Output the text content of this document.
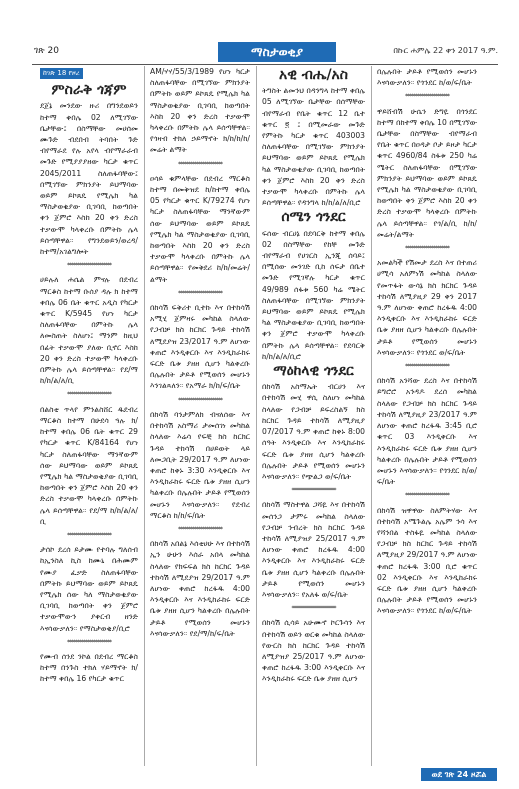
ገጽ 20	ማስታወቂያ	በኩር ሐምሌ 22 ቀን 2017 ዓ.ም.
ከገጽ 18 የዞረ
ምስራቅ ጎጃም

ደጀኔ መንደው ዙሪ በግንደወይን ከተማ ቀበሌ 02 ለሚገኘው ቤታቸው፤ በስማቸው መሀሰመ ሙጉድ ብደበብ ትባበት ጉድ ብየማራደ የሉ አየላ ብየማራራብ መጉድ የሚያያያዘው ካርታ ቁጥር 2045/2011 ስለጠፋባቸው፤ በሚገኘው ምክንያት ይህማባው ወይም ይኮጸዴ የሚሌክ ካል ማስታወቂያው ቢገባቢ ከወጣበት ቀን ጀምሮ እስከ 20 ቀን ድረስ ተቃውሞ ካላቀረቡ በምትኩ ሌላ ይሰጣቸዋል። የግንደወይን/ወረዳ/ከተማ/አገልግሎት

**********************

ሀይሉለ ሐሴል ምናሉ በደብረ ማርቆስ ከተማ ቡሰያ ዳሉ ክ ከተማ ቀበሌ 06 ቤት ቁጥር አዲስ የካርታ ቁጥር K/5945 የሆነ ካርታ ስለጠፋባቸው በምትኩ ሌላ ለመስጠት ስለሆነ፤ ማንም ከዚህ በፊት ተቃውሞ ያለው ቢኖር እስከ 20 ቀን ድረስ ተቃውሞ ካላቀረቡ በምትኩ ሌላ ይሰጣቸዋል። የደ/ማ ከ/ከ/ል/ለ/ቢ

**********************

በልስቲ ጥላየ ምንልስሸር ዱደብረ ማርቆስ ከተማ በሁደሳ ጓሉ ክ/ ከተማ ቀበሌ 06 ቤት ቁጥር 29 የካርታ ቁጥር K/84164 የሆነ ካርታ ስለጠፋባቸው ማንኛውም ሰው ይህማባው ወይም ይኮጸዴ የሚሌክ ካል ማስታወቂያው ቢገባቢ ከወጣበት ቀን ጀምሮ እስከ 20 ቀን ድረስ ተቃውሞ ካላቀረቡ በምትኩ ሌላ ይሰጣቸዋል። የደ/ማ ከ/ከ/ል/ለ/ቢ

**********************

ታሰኮ ደረሰ ይታሙ የተባሉ ግለሰብ ከኢንስለ ኪስ ከሙኒ በሕሙም የሙያ ፈቃድ ስለጠፋባቸው በምትኩ ይህማባው ወይም ይኮጸዴ የሚሌክ ሰው ካለ ማስታወቂያው ቢገባቢ ከወጣበት ቀን ጀምሮ ተቃውሞውን ያቀርብ ዘንድ እናሳውቃለን። የማስታወቂያ/ቢሮ

**********************

የሙብ ሰንደ ንኮል በደብረ ማርቆስ ከተማ በንጉስ ተክለ ሃይማኖት ክ/ ከተማ ቀበሌ 16 የካርታ ቁጥር

AM/ሃሃ/55/3/1989 የሆነ ካርታ ስለጠፋባቸው በሚገኘው ምክንያት በምትኩ ወይም ይኮጸዴ የሚሌክ ካል ማስታወቂያው ቢገባቢ ከወጣበት እስከ 20 ቀን ድረስ ተቃውሞ ካላቀረቡ በምትኩ ሌላ ይሰጣቸዋል። የጎዛብ ተክለ ኃይማኖት ክ/ከ/ከ/ከ/መሬት ልማት

**********************

ዐሳይ ቁምላቸው በደብረ ማርቆስ ከተማ በመቅዝደ ከ/ከተማ ቀበሌ 05 የካርታ ቁጥር K/79274 የሆነ ካርታ ስለጠፋባቸው ማንኛውም ሰው ይህማባው ወይም ይኮጸዴ የሚሌክ ካል ማስታወቂያው ቢገባቢ ከወጣበት እስከ 20 ቀን ድረስ ተቃውሞ ካላቀረቡ በምትኩ ሌላ ይሰጣቸዋል። የመቅደሪ ከ/ከ/መሬት/ልማት

**********************

በከሳሽ ፍቅሪተ ቢተኩ እና በተከሳሽ አሚሂ ጀምዛሩ መካከል ስላለው የጋብቻ ክስ ከርክር ጉዳይ ተከሳሽ ለሚደያዝ 23/2017 ዓ.ም ለሆነው ቀጠሮ እንዲቀርቡ እና እንዲከራከሩ ፍርድ ቤቱ ያዘዘ ሲሆን ካልቀረቡ በሌሉበት ታይቶ የሚወሰን መሆኑን እንገልጻለን። የአማራ ክ/ከ/ፍ/ቤት

**********************

በከሳሽ ባንታምለክ ብናለሰው እና በተከሳሽ አስማሪ ታመሰገነ መካከል ስላለው እሬሳ የፍቺ ክስ ከርክር ጉዳይ ተከሳሽ በሀይወት ላይ ለመጋቢት 29/2017 ዓ.ም ለሆነው ቀጠሮ ከቀኑ 3:30 እንዲቀርቡ እና እንዲከራከሩ ፍርድ ቤቱ ያዘዘ ሲሆን ካልቀረቡ በሌሉበት ታይቶ የሚወሰን መሆኑን እናሳውቃለን። የደብረ ማርቆስ ከ/ከ/ፍ/ቤት

**********************

በከሳሽ አበልኔ እሰቲሀሁ እና በተከሳሽ ኢን ሁሁን እሰራ አበላ መካከል ስላለው የክፍፍል ክስ ከርክር ጉዳይ ተከሳሽ ለሚደያዝ 29/2017 ዓ.ም ለሆነው ቀጠሮ ከረፋዱ 4:00 እንዲቀርቡ እና እንዲከራከሩ ፍርድ ቤቱ ያዘዘ ሲሆን ካልቀረቡ በሌሉበት ታይቶ የሚወሰን መሆኑን እናሳውቃለን። የደ/ማ/ከ/ፍ/ቤት

አዊ ብሔ/አስ

ትግስት ልመንህ በዳንግላ ከተማ ቀበሌ 05 ለሚገኘው ቤታቸው በሰማቸው ብየማራብ የቤት ቁጥር 12 ቤተ ቁጥር ፬ ፤ በሚመራው መጉድ የምትኩ ካርታ ቁጥር 403003 ስለጠፋባቸው በሚገኘው ምክንያት ይህማባው ወይም ይኮጸዴ የሚሌክ ካል ማስታወቂያው ቢገባቢ ከወጣበት ቀን ጀምሮ እስከ 20 ቀን ድረስ ተቃውሞ ካላቀረቡ በምትኩ ሌላ ይሰጣቸዋል። የዳንግላ ከ/ከ/ል/ለ/ቢሮ

ሰሜን ጎንደር

ፍሰው ብርሀኔ በደባርቅ ከተማ ቀበሌ 02 በስማቸው የከቸ መጉድ ብየማራብ የሀገርስ ኢንጂ ሰባይ፤ በሚሰው መንገድ ቢከ ሰፍታ በቤተ መጉድ የሚገኛሉ ካርታ ቁጥር 49/989 ሰፋቱ 560 ካሬ ሜትር ስለጠፋባቸው በሚገኘው ምክንያት ይህማባው ወይም ይኮጸዴ የሚሌክ ካል ማስታወቂያው ቢገባቢ ከወጣበት ቀን ጀምሮ ተቃውሞ ካላቀረቡ በምትኩ ሌላ ይሰጣቸዋል። የደባርቅ ከ/ከ/ል/ለ/ቢሮ

ማዕከላዊ ጎንደር

በከሳሽ አስማኤት ብርሀን እና በተከሳሽ መሂ ዋሲ ስለሆነ መካከል ስላለው የጋብቻ ይፍረስልኝ ክስ ከርክር ጉዳይ ተከሳሽ ለሚያዚያ 07/2017 ዓ.ም ቀጠሮ ከቀኑ 8:00 ሰዓት እንዲቀርቡ እና እንዲከራከሩ ፍርድ ቤቱ ያዘዘ ሲሆን ካልቀረቡ በሌሉበት ታይቶ የሚወሰን መሆኑን እናሳውቃለን። የጭልጋ ወ/ፍ/ቤት

**********************

በከሳሽ ማስተዋል ጋሻዬ እና በተከሳሽ መሰንጋ ታምሩ መካከል ስላለው የጋብቻ ንብረት ክስ ከርክር ጉዳይ ተከሳሽ ለሚያዝያ 25/2017 ዓ.ም ለሆነው ቀጠሮ ከረፋዱ 4:00 እንዲቀርቡ እና እንዲከራከሩ ፍርድ ቤቱ ያዘዘ ሲሆን ካልቀረቡ በሌሉበት ታይቶ የሚወሰን መሆኑን እናሳውቃለን። የአለፋ ወ/ፍ/ቤት

**********************

በከሳሽ ሲሳይ አሁሙኖ ኮርጉሳን እና በተከሳሽ ወይን ወርቁ መካከል ስላለው የውርስ ክስ ከርክር ጉዳይ ተከሳሽ ለሚያዝያ 25/2017 ዓ.ም ለሆነው ቀጠሮ ከረፋዱ 3:00 እንዲቀርቡ እና እንዲከራከሩ ፍርድ ቤቱ ያዘዘ ሲሆን

በሌሉበት ታይቶ የሚወሰን መሆኑን እናሳውቃለን። የጎንደር ከ/ወ/ፍ/ቤት

**********************

ዋይሸብሽ ሁሴን ድግዬ በጎንደር ከተማ በከተማ ቀበሌ 10 በሚገኘው ቤታቸው በስማቸው ብየማራብ የቤት ቁጥር በዐዳታ ቦታ ይዞታ ካርታ ቁጥር 4960/84 ስፋቱ 250 ካሬ ሜትር ስለጠፋባቸው በሚገኘው ምክንያት ይህማባው ወይም ይኮጸዴ የሚሌክ ካል ማስታወቂያው ቢገባቢ ከወጣበት ቀን ጀምሮ እስከ 20 ቀን ድረስ ተቃውሞ ካላቀረቡ በምትኩ ሌላ ይሰጣቸዋል። የጎ/ል/ቢ ከ/ከ/መሬት/ልማት

**********************

አመልካች የሽመታ ደረስ እና በተጠሪ ሀሚሳ አለምነሽ መካከል ስላለው የመጥፋት ውሳኔ ክስ ክርክር ጉዳይ ተከሳሽ ለሚያዚያ 29 ቀን 2017 ዓ.ም ለሆነው ቀጠሮ ከረፋዱ 4:00 እንዲቀርቡ እና እንዲከራከሩ ፍርድ ቤቱ ያዘዘ ሲሆን ካልቀረቡ በሌሉበት ታይቶ የሚወሰን መሆኑን እናሳውቃለን። የጎንደር ወ/ፍ/ቤት

**********************

በከሳሽ አንሻው ደረስ እና በተከሳሽ ይግሮሮ አንዳዶ ደረሰ መካከል ስላለው የጋብቻ ክስ ከርክር ጉዳይ ተከሳሽ ለሚያዚያ 23/2017 ዓ.ም ለሆነው ቀጠሮ ከረፋዱ 3:45 ቢሮ ቁጥር 03 እንዲቀርቡ እና እንዲከራከሩ ፍርድ ቤቱ ያዘዘ ሲሆን ካልቀረቡ በሌሉበት ታይቶ የሚወሰን መሆኑን እናሳውቃለን። የጎንደር ከ/ወ/ፍ/ቤት

**********************

በከሳሽ ዝዋዋው ስለምትሃው እና በተከሳሽ አሜጉልሌ አሌም ንሳ እና የሻንበል ተስፋዬ መካከል ስላለው የጋብቻ ክስ ከርክር ጉዳይ ተከሳሽ ለሚያዚያ 29/2017 ዓ.ም ለሆነው ቀጠሮ ከረፋዱ 3:00 ቢሮ ቁጥር 02 እንዲቀርቡ እና እንዲከራከሩ ፍርድ ቤቱ ያዘዘ ሲሆን ካልቀረቡ በሌሉበት ታይቶ የሚወሰን መሆኑን እናሳውቃለን። የጎንደር ከ/ወ/ፍ/ቤት

ወደ ገጽ 24 ዞሯል
